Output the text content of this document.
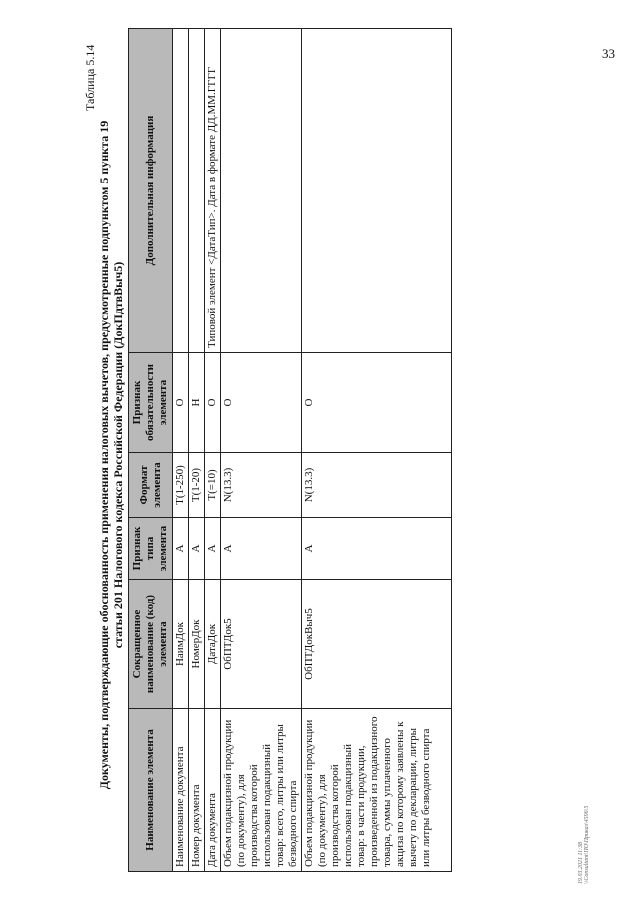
33
Таблица 5.14
Документы, подтверждающие обоснованность применения налоговых вычетов, предусмотренные подпунктом 5 пункта 19 статьи 201 Налогового кодекса Российской Федерации (ДокПдтвВыч5)
Наименование элемента	Сокращенное наименование (код) элемента	Признак типа элемента	Формат элемента	Признак обязательности элемента	Дополнительная информация
Наименование документа	НаимДок	А	Т(1-250)	О	
Номер документа	НомерДок	А	Т(1-20)	Н	
Дата документа	ДатаДок	А	Т(=10)	О	Типовой элемент <ДатаТип>. Дата в формате ДД.ММ.ГГГГ
Объем подакцизной продукции (по документу), для производства которой использован подакцизный товар: всего, литры или литры безводного спирта	ОбПТДок5	А	N(13.3)	О	
Объем подакцизной продукции (по документу), для производства которой использован подакцизный товар: в части продукции, произведенной из подакцизного товара, суммы уплаченного акциза по которому заявлены к вычету по декларации, литры или литры безводного спирта	ОбПТДокВыч5	А	N(13.3)	О	
19.03.2021 11:38 \\Consultant\ПО\Приказ\4596\5
